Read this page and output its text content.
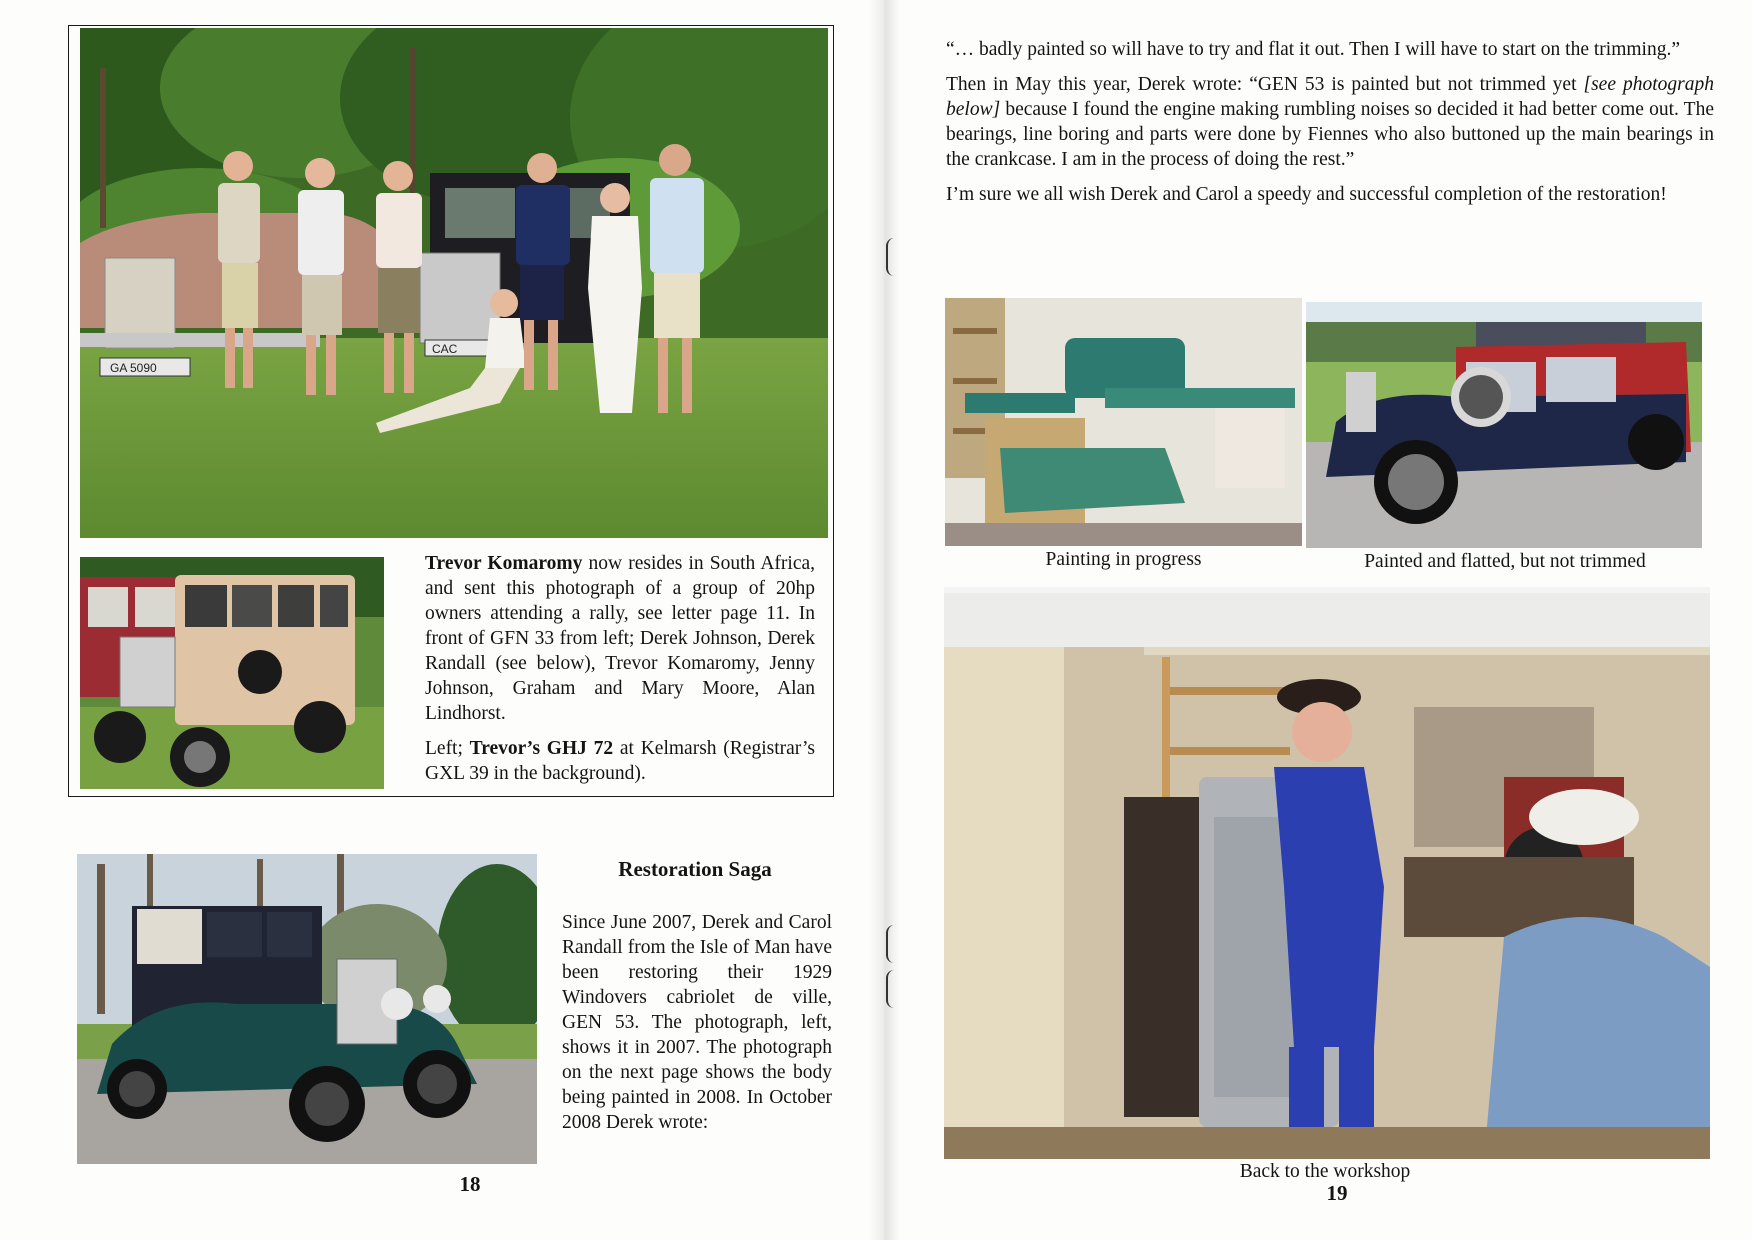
GA 5090
CAC

Trevor Komaromy now resides in South Africa, and sent this photograph of a group of 20hp owners attending a rally, see letter page 11. In front of GFN 33 from left; Derek Johnson, Derek Randall (see below), Trevor Komaromy, Jenny Johnson, Graham and Mary Moore, Alan Lindhorst.

Left; Trevor’s GHJ 72 at Kelmarsh (Registrar’s GXL 39 in the background).

Restoration Saga
Since June 2007, Derek and Carol Randall from the Isle of Man have been restoring their 1929 Windovers cabriolet de ville, GEN 53. The photograph, left, shows it in 2007. The photograph on the next page shows the body being painted in 2008. In October 2008 Derek wrote:
18

“… badly painted so will have to try and flat it out. Then I will have to start on the trimming.”

Then in May this year, Derek wrote: “GEN 53 is painted but not trimmed yet [see photograph below] because I found the engine making rumbling noises so decided it had better come out. The bearings, line boring and parts were done by Fiennes who also buttoned up the main bearings in the crankcase. I am in the process of doing the rest.”

I’m sure we all wish Derek and Carol a speedy and successful completion of the restoration!

Painting in progress	Painted and flatted, but not trimmed
Back to the workshop
19
